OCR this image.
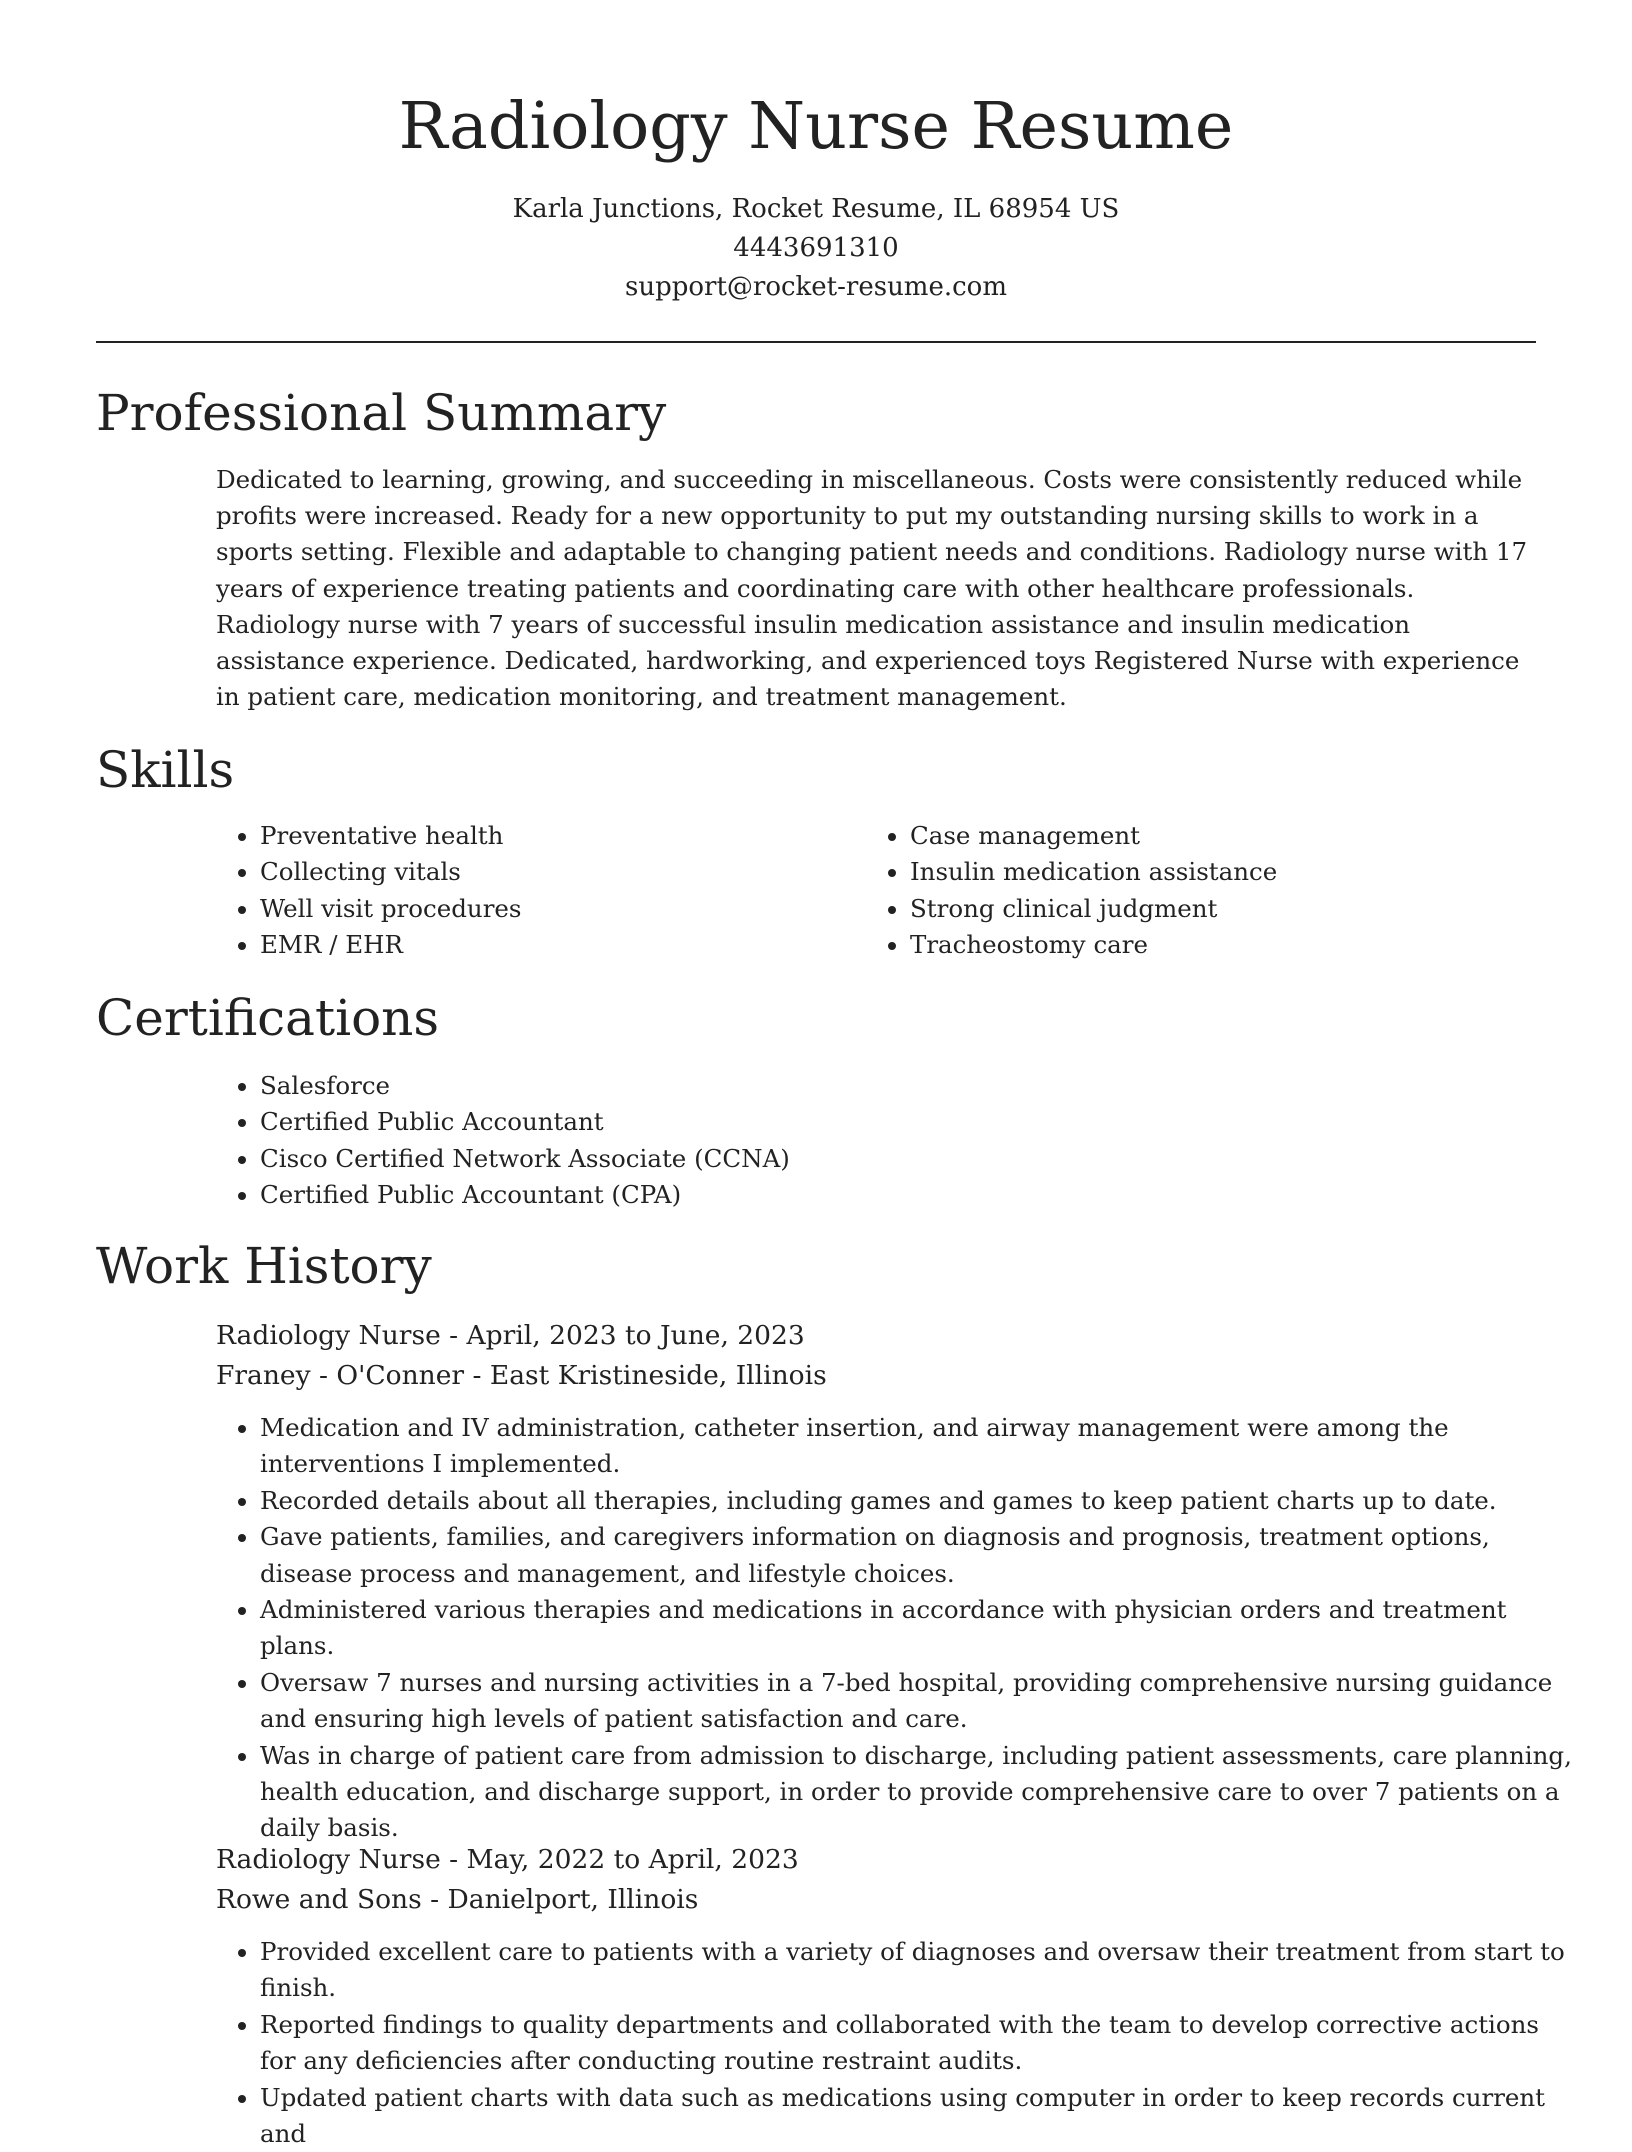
Radiology Nurse Resume
Karla Junctions, Rocket Resume, IL 68954 US
4443691310
support@rocket-resume.com
Professional Summary

Dedicated to learning, growing, and succeeding in miscellaneous. Costs were consistently reduced while profits were increased. Ready for a new opportunity to put my outstanding nursing skills to work in a sports setting. Flexible and adaptable to changing patient needs and conditions. Radiology nurse with 17 years of experience treating patients and coordinating care with other healthcare professionals. Radiology nurse with 7 years of successful insulin medication assistance and insulin medication assistance experience. Dedicated, hardworking, and experienced toys Registered Nurse with experience in patient care, medication monitoring, and treatment management.

Skills
• Preventative health
• Collecting vitals
• Well visit procedures
• EMR / EHR
• Case management
• Insulin medication assistance
• Strong clinical judgment
• Tracheostomy care
Certifications
• Salesforce
• Certified Public Accountant
• Cisco Certified Network Associate (CCNA)
• Certified Public Accountant (CPA)
Work History
Radiology Nurse - April, 2023 to June, 2023
Franey - O'Conner - East Kristineside, Illinois
• Medication and IV administration, catheter insertion, and airway management were among the interventions I implemented.
• Recorded details about all therapies, including games and games to keep patient charts up to date.
• Gave patients, families, and caregivers information on diagnosis and prognosis, treatment options, disease process and management, and lifestyle choices.
• Administered various therapies and medications in accordance with physician orders and treatment plans.
• Oversaw 7 nurses and nursing activities in a 7-bed hospital, providing comprehensive nursing guidance and ensuring high levels of patient satisfaction and care.
• Was in charge of patient care from admission to discharge, including patient assessments, care planning, health education, and discharge support, in order to provide comprehensive care to over 7 patients on a daily basis.
Radiology Nurse - May, 2022 to April, 2023
Rowe and Sons - Danielport, Illinois
• Provided excellent care to patients with a variety of diagnoses and oversaw their treatment from start to finish.
• Reported findings to quality departments and collaborated with the team to develop corrective actions for any deficiencies after conducting routine restraint audits.
• Updated patient charts with data such as medications using computer in order to keep records current and
